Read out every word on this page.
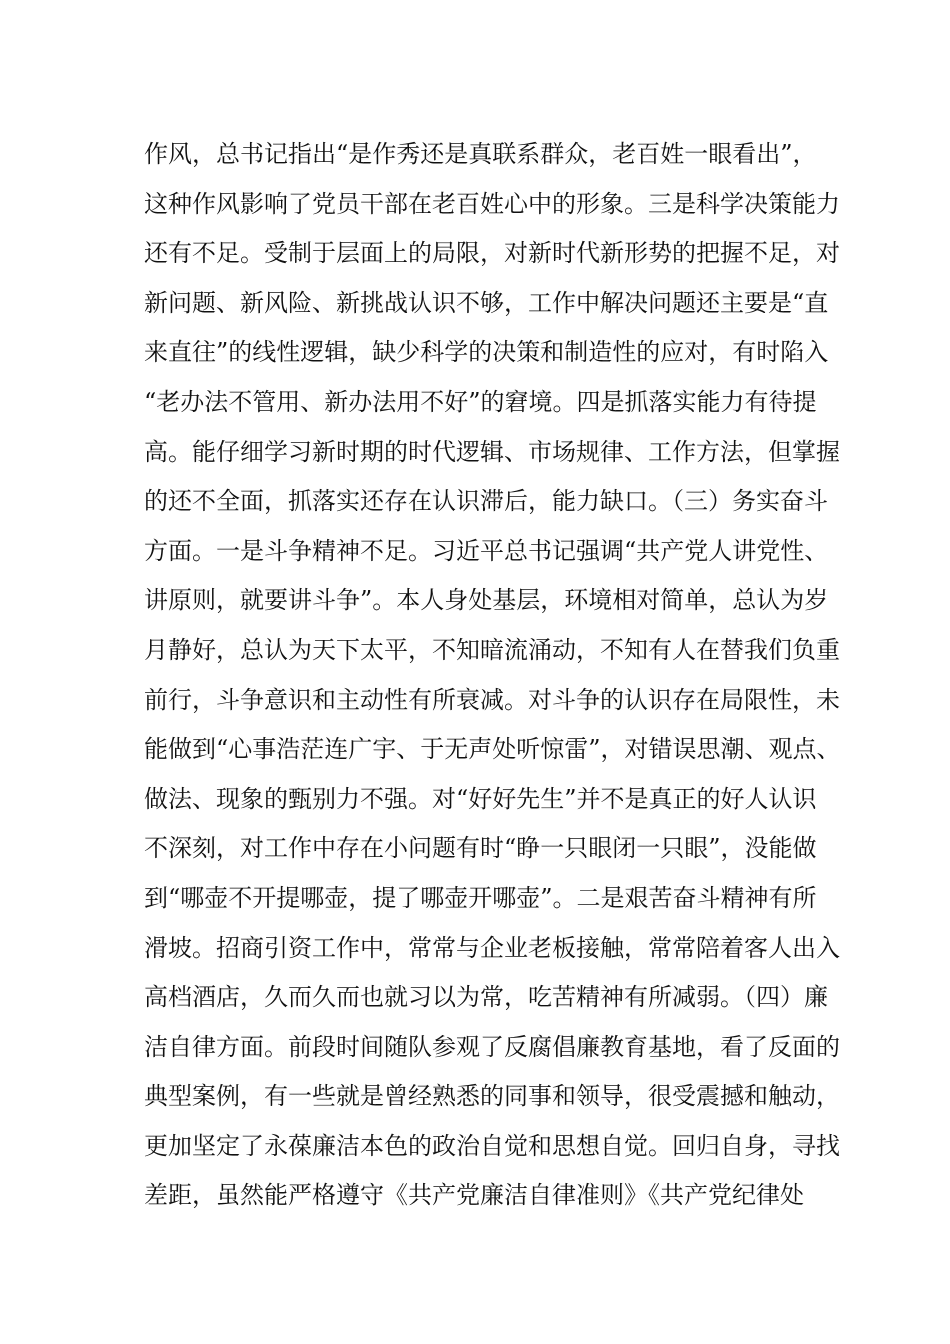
作风，总书记指出“是作秀还是真联系群众，老百姓一眼看出”，
这种作风影响了党员干部在老百姓心中的形象。三是科学决策能力
还有不足。受制于层面上的局限，对新时代新形势的把握不足，对
新问题、新风险、新挑战认识不够，工作中解决问题还主要是“直
来直往”的线性逻辑，缺少科学的决策和制造性的应对，有时陷入
“老办法不管用、新办法用不好”的窘境。四是抓落实能力有待提
高。能仔细学习新时期的时代逻辑、市场规律、工作方法，但掌握
的还不全面，抓落实还存在认识滞后，能力缺口。（三）务实奋斗
方面。一是斗争精神不足。习近平总书记强调“共产党人讲党性、
讲原则，就要讲斗争”。本人身处基层，环境相对简单，总认为岁
月静好，总认为天下太平，不知暗流涌动，不知有人在替我们负重
前行，斗争意识和主动性有所衰减。对斗争的认识存在局限性，未
能做到“心事浩茫连广宇、于无声处听惊雷”，对错误思潮、观点、
做法、现象的甄别力不强。对“好好先生”并不是真正的好人认识
不深刻，对工作中存在小问题有时“睁一只眼闭一只眼”，没能做
到“哪壶不开提哪壶，提了哪壶开哪壶”。二是艰苦奋斗精神有所
滑坡。招商引资工作中，常常与企业老板接触，常常陪着客人出入
高档酒店，久而久而也就习以为常，吃苦精神有所减弱。（四）廉
洁自律方面。前段时间随队参观了反腐倡廉教育基地，看了反面的
典型案例，有一些就是曾经熟悉的同事和领导，很受震撼和触动，
更加坚定了永葆廉洁本色的政治自觉和思想自觉。回归自身，寻找
差距，虽然能严格遵守《共产党廉洁自律准则》《共产党纪律处
